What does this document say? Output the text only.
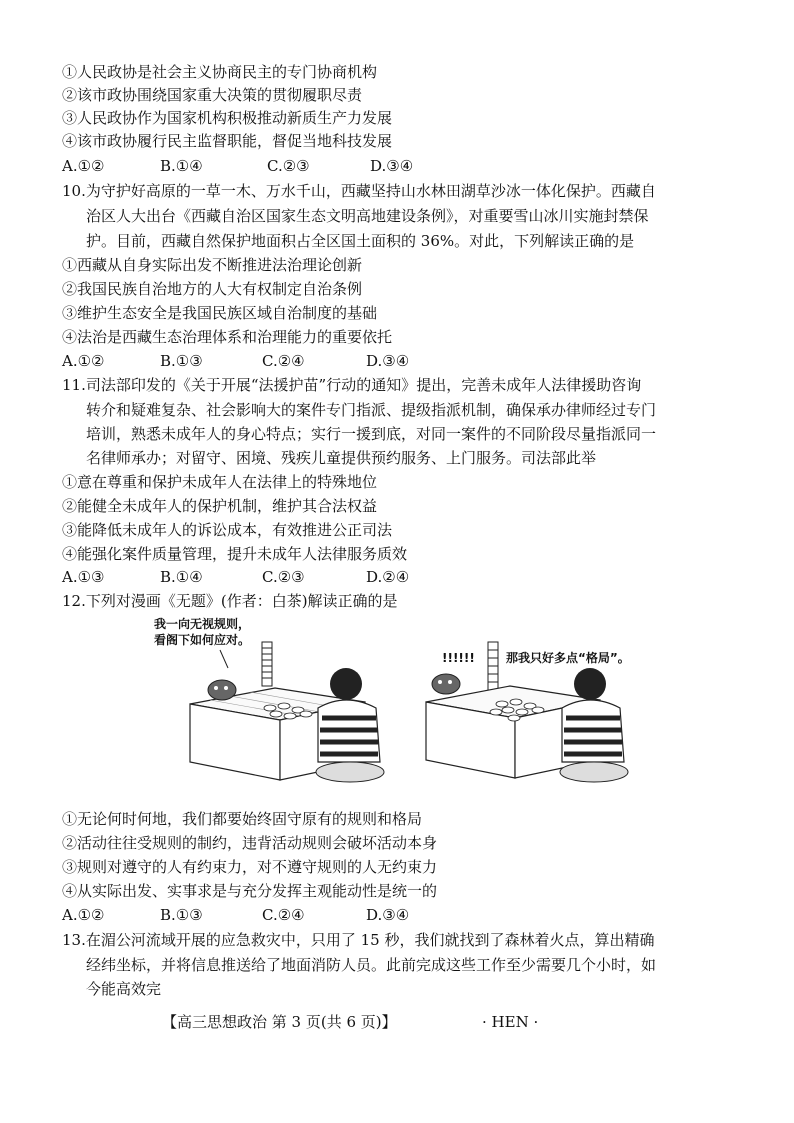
①人民政协是社会主义协商民主的专门协商机构
②该市政协围绕国家重大决策的贯彻履职尽责
③人民政协作为国家机构积极推动新质生产力发展
④该市政协履行民主监督职能，督促当地科技发展
A.①②	B.①④	C.②③	D.③④
10.为守护好高原的一草一木、万水千山，西藏坚持山水林田湖草沙冰一体化保护。西藏自
治区人大出台《西藏自治区国家生态文明高地建设条例》，对重要雪山冰川实施封禁保
护。目前，西藏自然保护地面积占全区国土面积的 36%。对此，下列解读正确的是
①西藏从自身实际出发不断推进法治理论创新
②我国民族自治地方的人大有权制定自治条例
③维护生态安全是我国民族区域自治制度的基础
④法治是西藏生态治理体系和治理能力的重要依托
A.①②	B.①③	C.②④	D.③④
11.司法部印发的《关于开展“法援护苗”行动的通知》提出，完善未成年人法律援助咨询
转介和疑难复杂、社会影响大的案件专门指派、提级指派机制，确保承办律师经过专门
培训，熟悉未成年人的身心特点；实行一援到底，对同一案件的不同阶段尽量指派同一
名律师承办；对留守、困境、残疾儿童提供预约服务、上门服务。司法部此举
①意在尊重和保护未成年人在法律上的特殊地位
②能健全未成年人的保护机制，维护其合法权益
③能降低未成年人的诉讼成本，有效推进公正司法
④能强化案件质量管理，提升未成年人法律服务质效
A.①③	B.①④	C.②③	D.②④
12.下列对漫画《无题》(作者：白茶)解读正确的是
我一向无视规则，
看阁下如何应对。
!!!!!!	那我只好多点“格局”。
①无论何时何地，我们都要始终固守原有的规则和格局
②活动往往受规则的制约，违背活动规则会破坏活动本身
③规则对遵守的人有约束力，对不遵守规则的人无约束力
④从实际出发、实事求是与充分发挥主观能动性是统一的
A.①②	B.①③	C.②④	D.③④
13.在湄公河流域开展的应急救灾中，只用了 15 秒，我们就找到了森林着火点，算出精确
经纬坐标，并将信息推送给了地面消防人员。此前完成这些工作至少需要几个小时，如
今能高效完
【高三思想政治 第 3 页(共 6 页)】	· HEN ·
